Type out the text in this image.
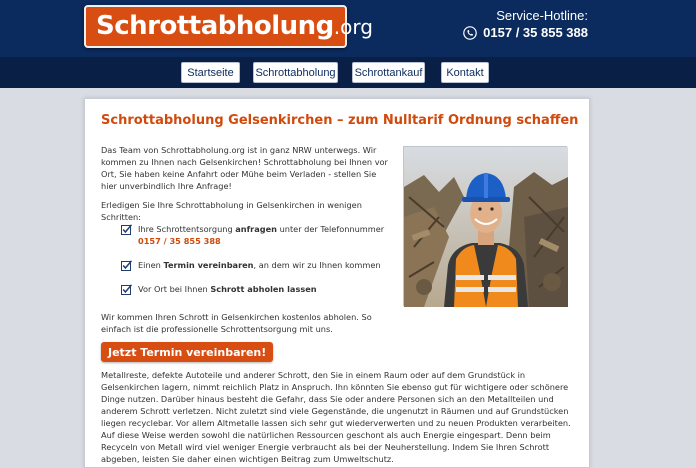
Schrottabholung.org	Service-Hotline:
0157 / 35 855 388
Startseite	Schrottabholung Schrottankauf	Kontakt
Schrottabholung Gelsenkirchen – zum Nulltarif Ordnung schaffen

Das Team von Schrottabholung.org ist in ganz NRW unterwegs. Wir kommen zu Ihnen nach Gelsenkirchen! Schrottabholung bei Ihnen vor Ort, Sie haben keine Anfahrt oder Mühe beim Verladen - stellen Sie hier unverbindlich Ihre Anfrage!

Erledigen Sie Ihre Schrottabholung in Gelsenkirchen in wenigen Schritten:

Ihre Schrottentsorgung anfragen unter der Telefonnummer
0157 / 35 855 388
Einen Termin vereinbaren, an dem wir zu Ihnen kommen
Vor Ort bei Ihnen Schrott abholen lassen

Wir kommen Ihren Schrott in Gelsenkirchen kostenlos abholen. So einfach ist die professionelle Schrottentsorgung mit uns.

Jetzt Termin vereinbaren!

Metallreste, defekte Autoteile und anderer Schrott, den Sie in einem Raum oder auf dem Grundstück in Gelsenkirchen lagern, nimmt reichlich Platz in Anspruch. Ihn könnten Sie ebenso gut für wichtigere oder schönere Dinge nutzen. Darüber hinaus besteht die Gefahr, dass Sie oder andere Personen sich an den Metallteilen und anderem Schrott verletzen. Nicht zuletzt sind viele Gegenstände, die ungenutzt in Räumen und auf Grundstücken liegen recyclebar. Vor allem Altmetalle lassen sich sehr gut wiederverwerten und zu neuen Produkten verarbeiten. Auf diese Weise werden sowohl die natürlichen Ressourcen geschont als auch Energie eingespart. Denn beim Recyceln von Metall wird viel weniger Energie verbraucht als bei der Neuherstellung. Indem Sie Ihren Schrott abgeben, leisten Sie daher einen wichtigen Beitrag zum Umweltschutz.
